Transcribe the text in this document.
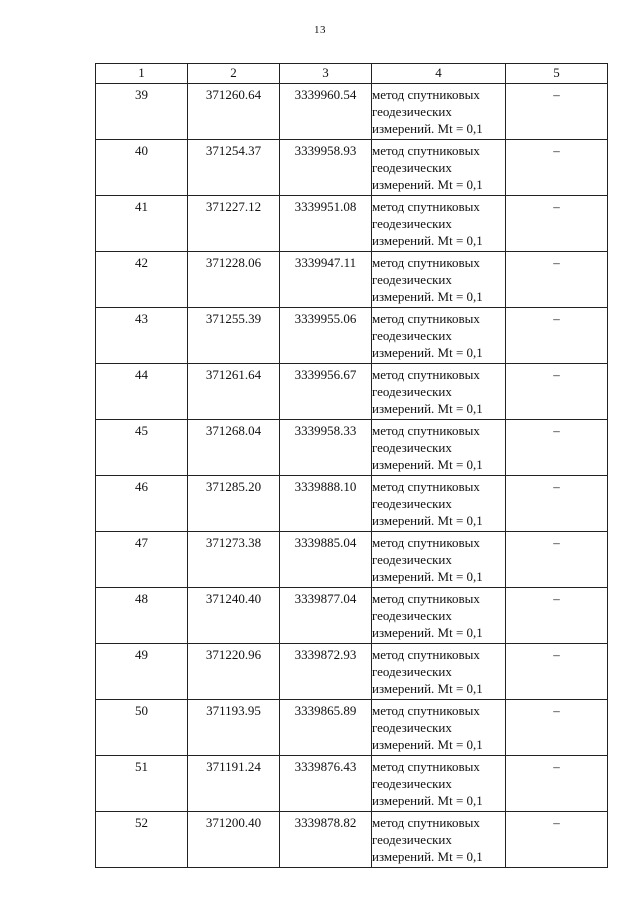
13
1	2	3	4	5
39	371260.64	3339960.54	метод спутниковых геодезических измерений. Mt = 0,1	–
40	371254.37	3339958.93	метод спутниковых геодезических измерений. Mt = 0,1	–
41	371227.12	3339951.08	метод спутниковых геодезических измерений. Mt = 0,1	–
42	371228.06	3339947.11	метод спутниковых геодезических измерений. Mt = 0,1	–
43	371255.39	3339955.06	метод спутниковых геодезических измерений. Mt = 0,1	–
44	371261.64	3339956.67	метод спутниковых геодезических измерений. Mt = 0,1	–
45	371268.04	3339958.33	метод спутниковых геодезических измерений. Mt = 0,1	–
46	371285.20	3339888.10	метод спутниковых геодезических измерений. Mt = 0,1	–
47	371273.38	3339885.04	метод спутниковых геодезических измерений. Mt = 0,1	–
48	371240.40	3339877.04	метод спутниковых геодезических измерений. Mt = 0,1	–
49	371220.96	3339872.93	метод спутниковых геодезических измерений. Mt = 0,1	–
50	371193.95	3339865.89	метод спутниковых геодезических измерений. Mt = 0,1	–
51	371191.24	3339876.43	метод спутниковых геодезических измерений. Mt = 0,1	–
52	371200.40	3339878.82	метод спутниковых геодезических измерений. Mt = 0,1	–
